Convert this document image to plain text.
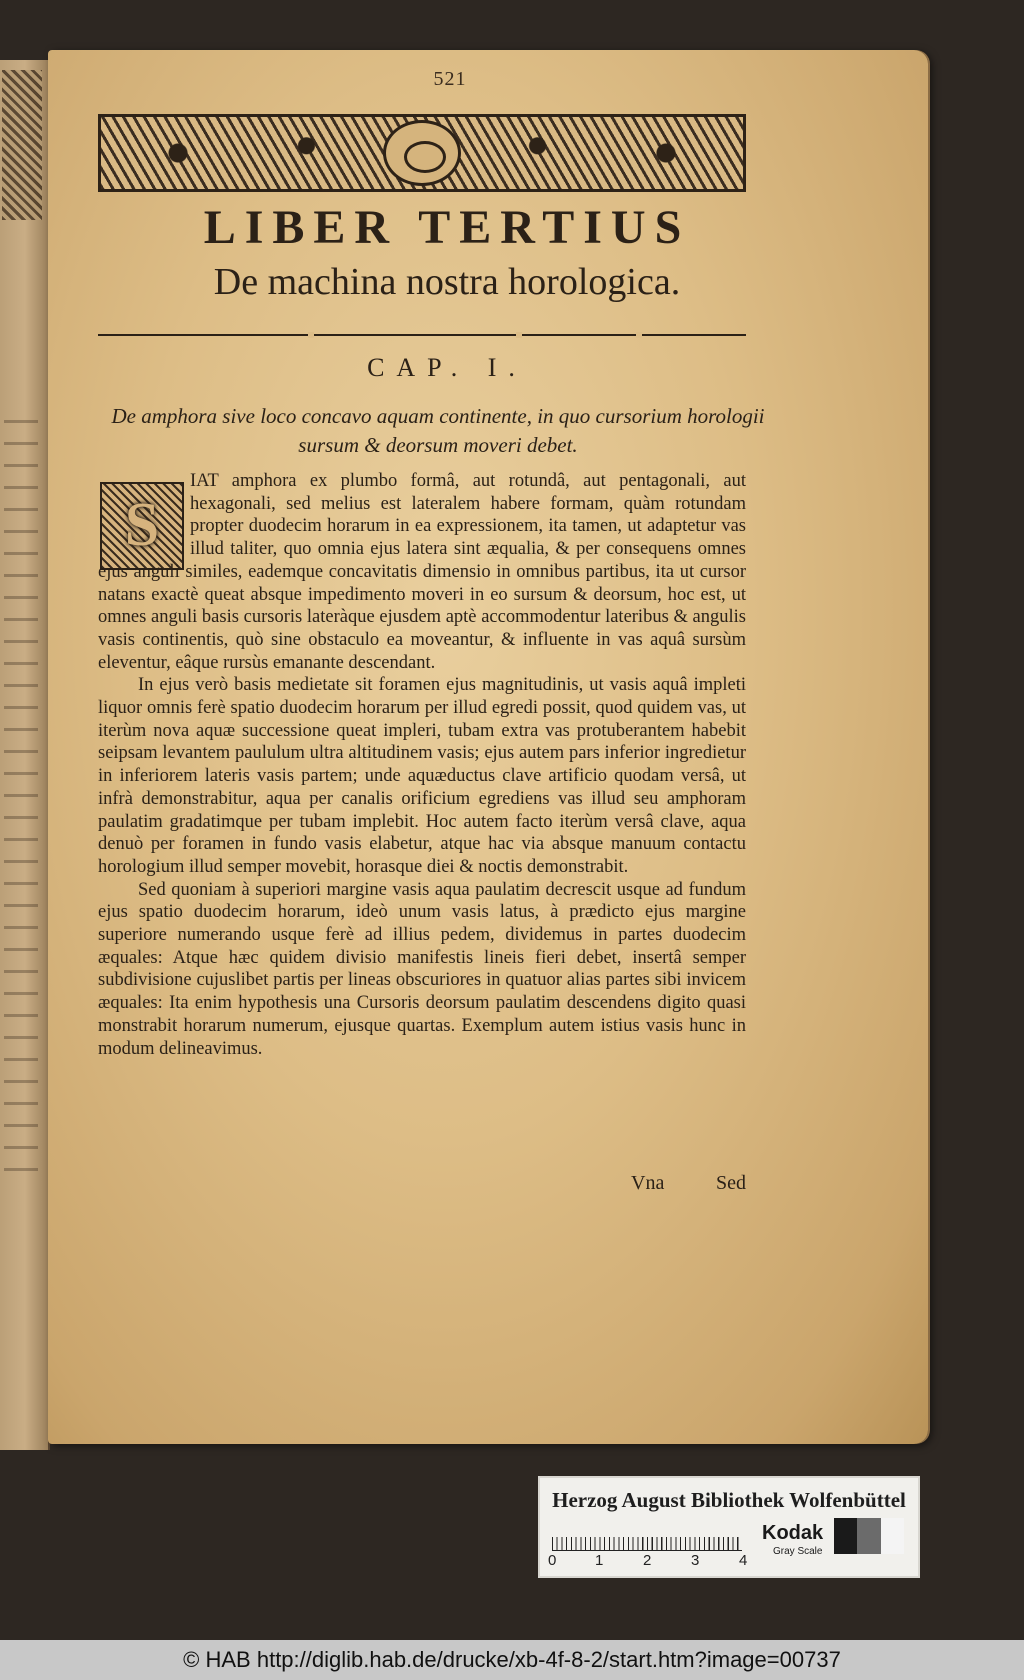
521
LIBER TERTIUS
De machina nostra horologica.
CAP. I.
De amphora sive loco concavo aquam continente, in quo cursorium horologii sursum & deorsum moveri debet.
S

IAT amphora ex plumbo formâ, aut rotundâ, aut pentagonali, aut hexagonali, sed melius est lateralem habere formam, quàm rotundam propter duodecim horarum in ea expressionem, ita tamen, ut adaptetur vas illud taliter, quo omnia ejus latera sint æqualia, & per consequens omnes ejus anguli similes, eademque concavitatis dimensio in omnibus partibus, ita ut cursor natans exactè queat absque impedimento moveri in eo sursum & deorsum, hoc est, ut omnes anguli basis cursoris lateràque ejusdem aptè accommodentur lateribus & angulis vasis continentis, quò sine obstaculo ea moveantur, & influente in vas aquâ sursùm eleventur, eâque rursùs emanante descendant.

In ejus verò basis medietate sit foramen ejus magnitudinis, ut vasis aquâ impleti liquor omnis ferè spatio duodecim horarum per illud egredi possit, quod quidem vas, ut iterùm nova aquæ successione queat impleri, tubam extra vas protuberantem habebit seipsam levantem paululum ultra altitudinem vasis; ejus autem pars inferior ingredietur in inferiorem lateris vasis partem; unde aquæductus clave artificio quodam versâ, ut infrà demonstrabitur, aqua per canalis orificium egrediens vas illud seu amphoram paulatim gradatimque per tubam implebit. Hoc autem facto iterùm versâ clave, aqua denuò per foramen in fundo vasis elabetur, atque hac via absque manuum contactu horologium illud semper movebit, horasque diei & noctis demonstrabit.

Sed quoniam à superiori margine vasis aqua paulatim decrescit usque ad fundum ejus spatio duodecim horarum, ideò unum vasis latus, à prædicto ejus margine superiore numerando usque ferè ad illius pedem, dividemus in partes duodecim æquales: Atque hæc quidem divisio manifestis lineis fieri debet, insertâ semper subdivisione cujuslibet partis per lineas obscuriores in quatuor alias partes sibi invicem æquales: Ita enim hypothesis una Cursoris deorsum paulatim descendens digito quasi monstrabit horarum numerum, ejusque quartas. Exemplum autem istius vasis hunc in modum delineavimus.

Vna	Sed
Herzog August Bibliothek Wolfenbüttel
0	1	2	3	4
Kodak
Gray Scale
© HAB http://diglib.hab.de/drucke/xb-4f-8-2/start.htm?image=00737
